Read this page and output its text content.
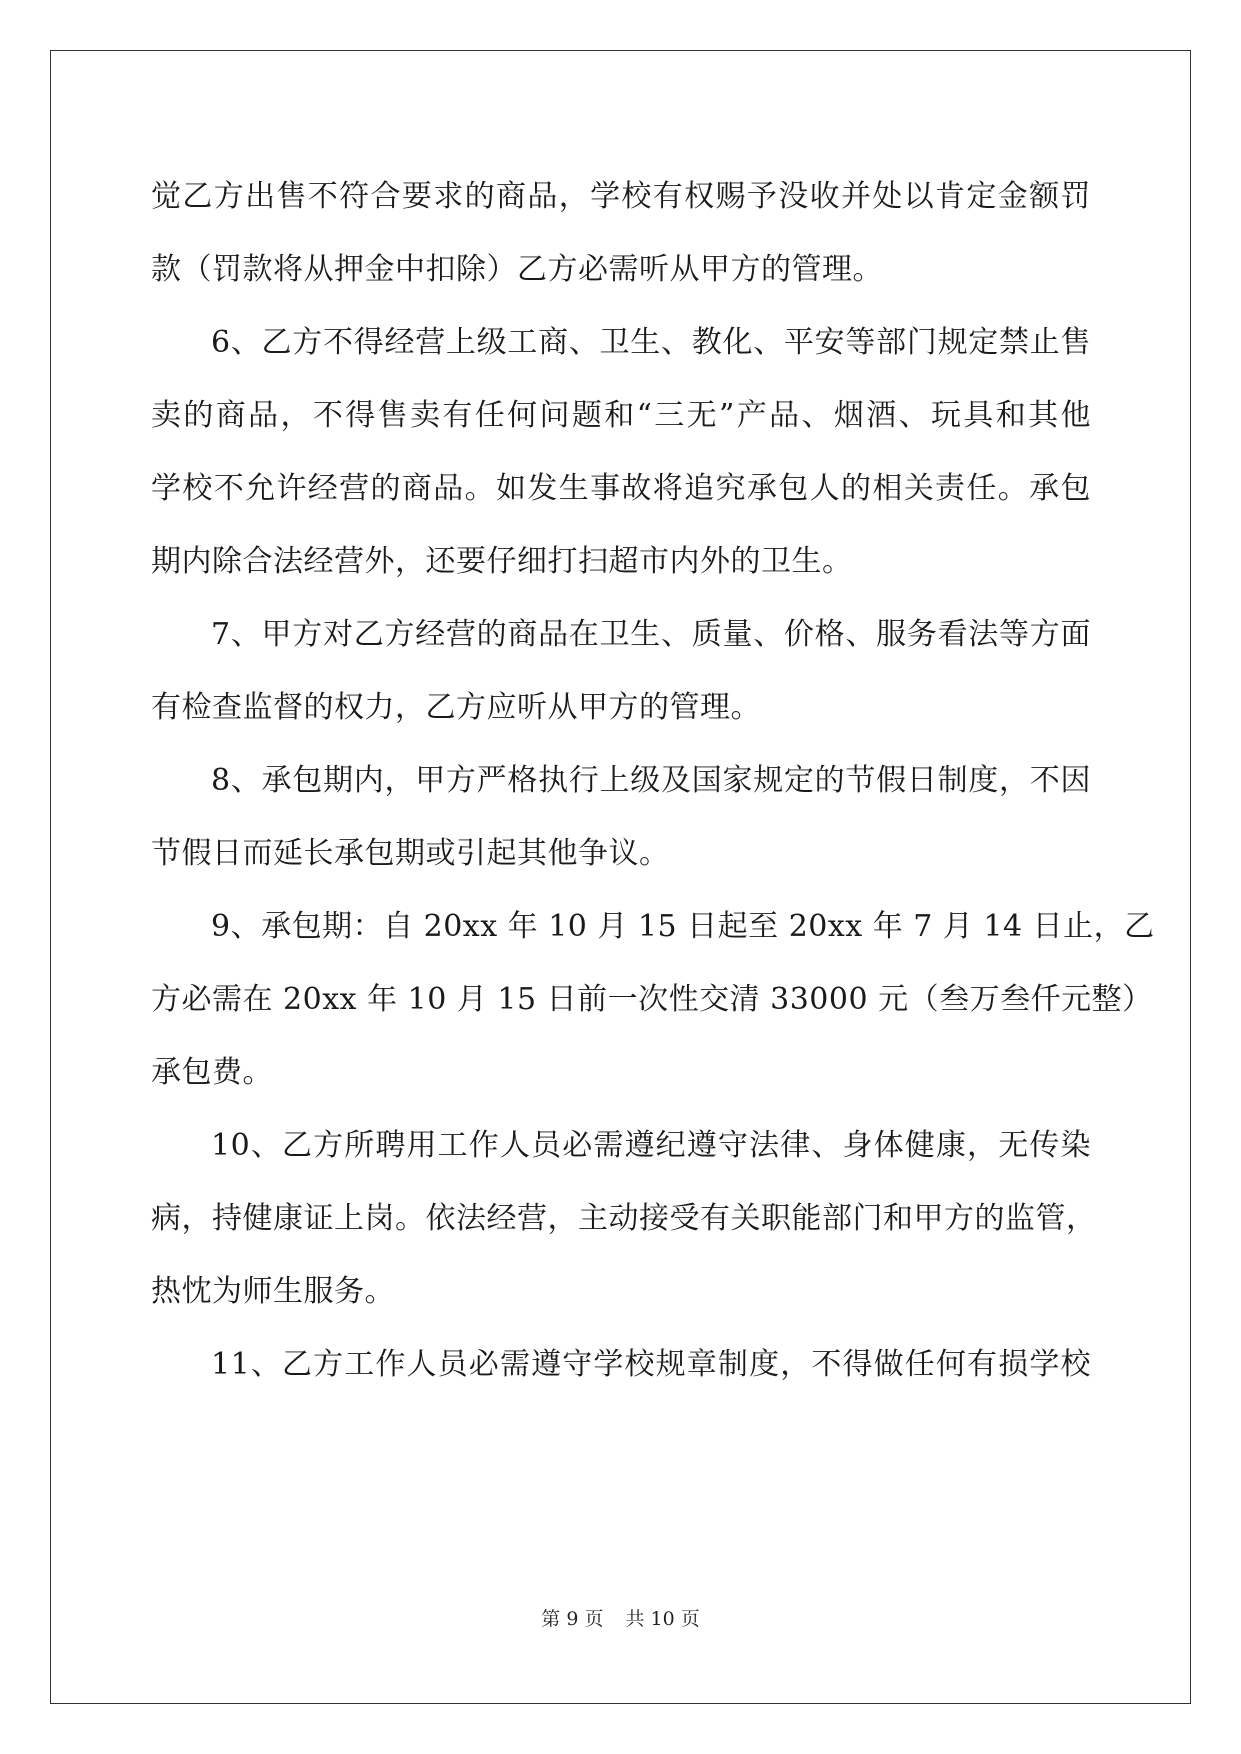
觉乙方出售不符合要求的商品，学校有权赐予没收并处以肯定金额罚
款（罚款将从押金中扣除）乙方必需听从甲方的管理。
6、乙方不得经营上级工商、卫生、教化、平安等部门规定禁止售
卖的商品，不得售卖有任何问题和“三无”产品、烟酒、玩具和其他
学校不允许经营的商品。如发生事故将追究承包人的相关责任。承包
期内除合法经营外，还要仔细打扫超市内外的卫生。
7、甲方对乙方经营的商品在卫生、质量、价格、服务看法等方面
有检查监督的权力，乙方应听从甲方的管理。
8、承包期内，甲方严格执行上级及国家规定的节假日制度，不因
节假日而延长承包期或引起其他争议。
9、承包期：自 20xx 年 10 月 15 日起至 20xx 年 7 月 14 日止，乙
方必需在 20xx 年 10 月 15 日前一次性交清 33000 元（叁万叁仟元整）
承包费。
10、乙方所聘用工作人员必需遵纪遵守法律、身体健康，无传染
病，持健康证上岗。依法经营，主动接受有关职能部门和甲方的监管，
热忱为师生服务。
11、乙方工作人员必需遵守学校规章制度，不得做任何有损学校
第 9 页 共 10 页
